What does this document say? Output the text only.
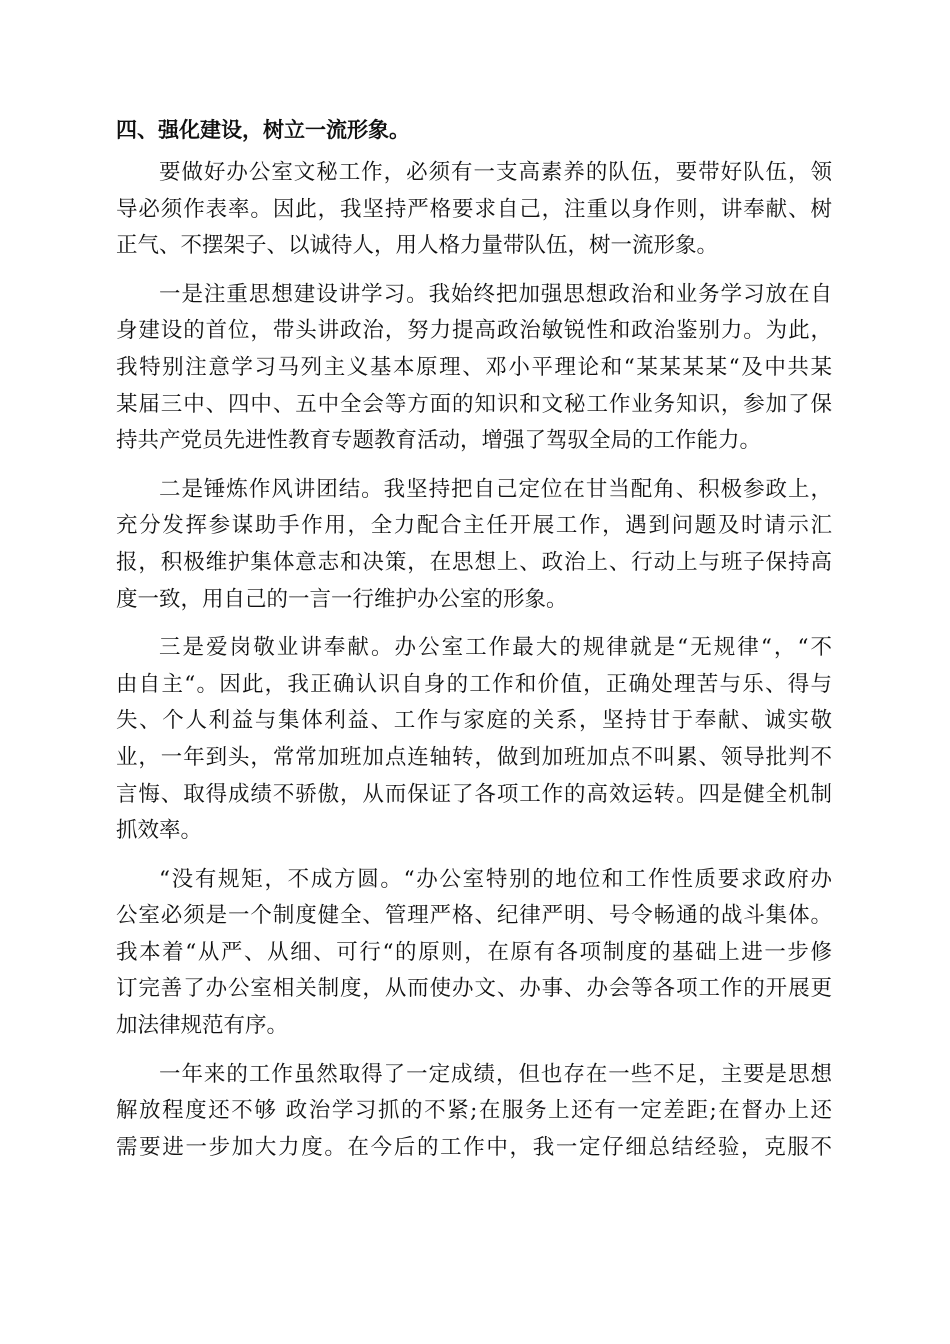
四、强化建设，树立一流形象。
要做好办公室文秘工作，必须有一支高素养的队伍，要带好队伍，领
导必须作表率。因此，我坚持严格要求自己，注重以身作则，讲奉献、树
正气、不摆架子、以诚待人，用人格力量带队伍，树一流形象。
一是注重思想建设讲学习。我始终把加强思想政治和业务学习放在自
身建设的首位，带头讲政治，努力提高政治敏锐性和政治鉴别力。为此，
我特别注意学习马列主义基本原理、邓小平理论和“某某某某“及中共某
某届三中、四中、五中全会等方面的知识和文秘工作业务知识，参加了保
持共产党员先进性教育专题教育活动，增强了驾驭全局的工作能力。
二是锤炼作风讲团结。我坚持把自己定位在甘当配角、积极参政上，
充分发挥参谋助手作用，全力配合主任开展工作，遇到问题及时请示汇
报，积极维护集体意志和决策，在思想上、政治上、行动上与班子保持高
度一致，用自己的一言一行维护办公室的形象。
三是爱岗敬业讲奉献。办公室工作最大的规律就是“无规律“，“不
由自主“。因此，我正确认识自身的工作和价值，正确处理苦与乐、得与
失、个人利益与集体利益、工作与家庭的关系，坚持甘于奉献、诚实敬
业，一年到头，常常加班加点连轴转，做到加班加点不叫累、领导批判不
言悔、取得成绩不骄傲，从而保证了各项工作的高效运转。四是健全机制
抓效率。
“没有规矩，不成方圆。“办公室特别的地位和工作性质要求政府办
公室必须是一个制度健全、管理严格、纪律严明、号令畅通的战斗集体。
我本着“从严、从细、可行“的原则，在原有各项制度的基础上进一步修
订完善了办公室相关制度，从而使办文、办事、办会等各项工作的开展更
加法律规范有序。
一年来的工作虽然取得了一定成绩，但也存在一些不足，主要是思想
解放程度还不够 政治学习抓的不紧;在服务上还有一定差距;在督办上还
需要进一步加大力度。在今后的工作中，我一定仔细总结经验，克服不
